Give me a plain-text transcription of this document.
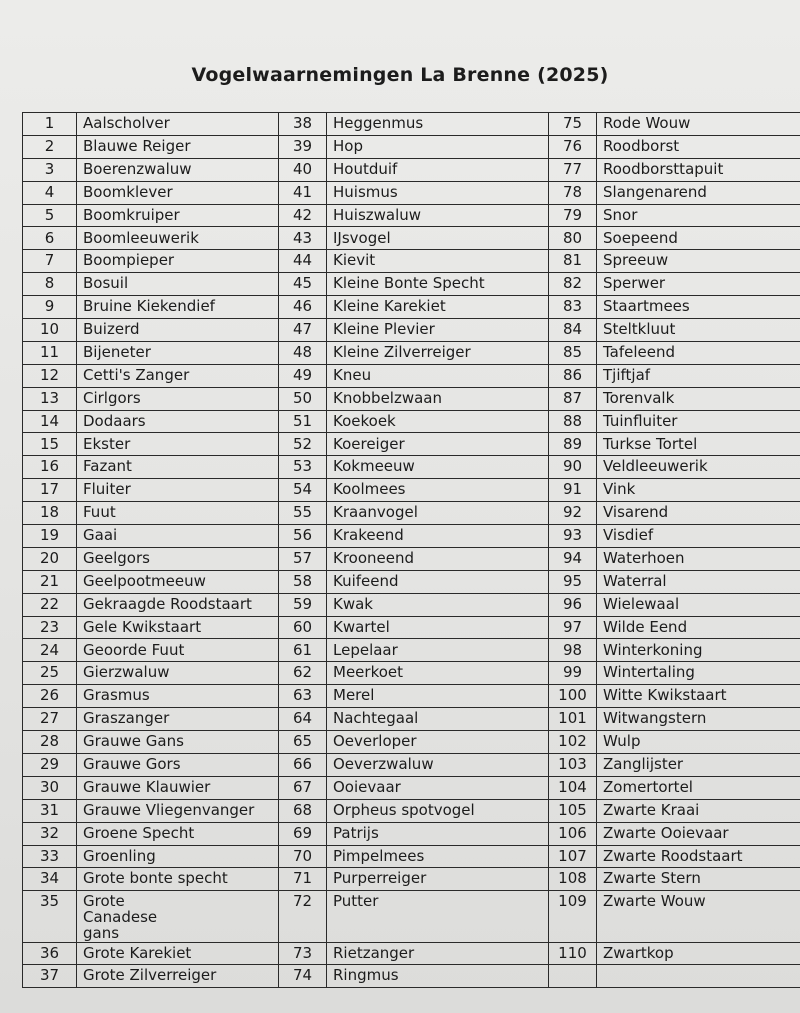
Vogelwaarnemingen La Brenne (2025)
1	Aalscholver	38	Heggenmus	75	Rode Wouw

2	Blauwe Reiger	39	Hop	76	Roodborst

3	Boerenzwaluw	40	Houtduif	77	Roodborsttapuit

4	Boomklever	41	Huismus	78	Slangenarend

5	Boomkruiper	42	Huiszwaluw	79	Snor

6	Boomleeuwerik	43	IJsvogel	80	Soepeend

7	Boompieper	44	Kievit	81	Spreeuw

8	Bosuil	45	Kleine Bonte Specht	82	Sperwer

9	Bruine Kiekendief	46	Kleine Karekiet	83	Staartmees

10	Buizerd	47	Kleine Plevier	84	Steltkluut

11	Bijeneter	48	Kleine Zilverreiger	85	Tafeleend

12	Cetti's Zanger	49	Kneu	86	Tjiftjaf

13	Cirlgors	50	Knobbelzwaan	87	Torenvalk

14	Dodaars	51	Koekoek	88	Tuinfluiter

15	Ekster	52	Koereiger	89	Turkse Tortel

16	Fazant	53	Kokmeeuw	90	Veldleeuwerik

17	Fluiter	54	Koolmees	91	Vink

18	Fuut	55	Kraanvogel	92	Visarend

19	Gaai	56	Krakeend	93	Visdief

20	Geelgors	57	Krooneend	94	Waterhoen

21	Geelpootmeeuw	58	Kuifeend	95	Waterral

22	Gekraagde Roodstaart	59	Kwak	96	Wielewaal

23	Gele Kwikstaart	60	Kwartel	97	Wilde Eend

24	Geoorde Fuut	61	Lepelaar	98	Winterkoning

25	Gierzwaluw	62	Meerkoet	99	Wintertaling

26	Grasmus	63	Merel	100	Witte Kwikstaart

27	Graszanger	64	Nachtegaal	101	Witwangstern

28	Grauwe Gans	65	Oeverloper	102	Wulp

29	Grauwe Gors	66	Oeverzwaluw	103	Zanglijster

30	Grauwe Klauwier	67	Ooievaar	104	Zomertortel

31	Grauwe Vliegenvanger	68	Orpheus spotvogel	105	Zwarte Kraai

32	Groene Specht	69	Patrijs	106	Zwarte Ooievaar

33	Groenling	70	Pimpelmees	107	Zwarte Roodstaart

34	Grote bonte specht	71	Purperreiger	108	Zwarte Stern

35	Grote Canadese gans	72	Putter	109	Zwarte Wouw

36	Grote Karekiet	73	Rietzanger	110	Zwartkop

37	Grote Zilverreiger	74	Ringmus		
